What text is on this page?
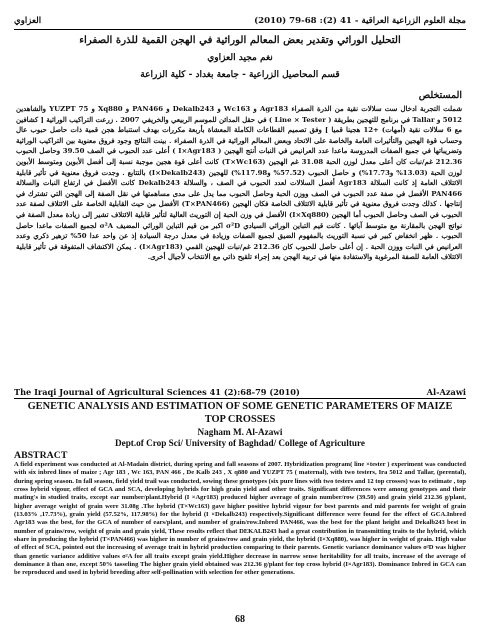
مجلة العلوم الزراعية العراقية - 41 (2): 68-79 (2010)
العزاوي
التحليل الوراثي وتقدير بعض المعالم الوراثية في الهجن القمية للذرة الصفراء
نغم مجيد العزاوي
قسم المحاصيل الزراعية - جامعة بغداد - كلية الزراعة
المستخلص
شملت التجربة ادخال ست سلالات نقية من الذرة الصفراء Agr183 و Wc163 و Dekalb243 و PAN466 و Xq880 و YUZPT 75 والشاهدين 5012 و Tallar في برنامج للتهجين بطريقة ( Line × Tester ) في حقل المدائن للموسم الربيعي والخريفي 2007 . زرعت التراكيب الوراثية [ كشافين مع 6 سلالات نقية (أمهات) +12 هجينا قميا ] وفق تصميم القطاعات الكاملة المعشاة بأربعة مكررات بهدف استنباط هجن قمية ذات حاصل حبوب عال وحساب قوة الهجين والتأثيرات العامة والخاصة على الاتحاد وبعض المعالم الوراثية في الذرة الصفراء . بينت النتائج وجود فروق معنوية بين التراكيب الوراثية وتضريباتها في جميع الصفات المدروسة ماعدا عدد العرانيص في النبات أنتج الهجين ( I×Agr183 ) أعلى عدد الحبوب في الصف 39.50 وحاصل الحبوب 212.36 غم/نبات كان أعلى معدل لوزن الحبة 31.08 غم الهجين (T×Wc163) كانت أعلى قوة هجين موجبة نسبة إلى أفضل الأبوين ومتوسط الأبوين لوزن الحبة (13.03% و17.73%) و حاصل الحبوب (57.52% و117.98%) للهجين (I×Dekalb243) بالتتابع . وجدت فروق معنوية في تأثير قابلية الائتلاف العامة إذ كانت السلالة Agr183 أفضل السلالات لعدد الحبوب في الصف ، والسلالة Dekalb243 كانت الأفضل في ارتفاع النبات والسلالة PAN466 الأفضل في صفة عدد الحبوب في الصف ووزن الحبة وحاصل الحبوب مما يدل على مدى مساهمتها في نقل الصفة إلى الهجن التي تشترك في إنتاجها . كذلك وجدت فروق معنوية في تأثير قابلية الائتلاف الخاصة فكان الهجين (T×PAN466) الأفضل من حيث القابلية الخاصة على الائتلاف لصفة عدد الحبوب في الصف وحاصل الحبوب أما الهجين (I×Xq880) الأفضل في وزن الحبة إن التوريث العالية لتأثير قابلية الائتلاف تشير إلى زيادة معدل الصفة في نواتج الهجن بالمقارنة مع متوسط آبائها . كانت قيم التباين الوراثي السيادي σ²D اكبر من قيم التباين الوراثي المضيف σ²A لجميع الصفات ماعدا حاصل الحبوب . ظهر انخفاض كبير في نسبة التوريث بالمفهوم الضيق لجميع الصفات وزيادة في معدل درجة السيادة إذ عن واحد عدا 50% تزهير ذكري وعدد العرانيص في النبات ووزن الحبة . إن أعلى حاصل للحبوب كان 212.36 غم/نبات للهجين القمي (I×Agr183) . يمكن الاكتشاف المتفوقة في تأثير قابلية الائتلاف العامة للصفة المرغوبة والاستفادة منها في تربية الهجن بعد إجراء تلقيح ذاتي مع الانتخاب لأجيال أخرى.
The Iraqi Journal of Agricultural Sciences 41 (2):68-79 (2010)	Al-Azawi
GENETIC ANALYSIS AND ESTIMATION OF SOME GENETIC PARAMETERS OF MAIZE TOP CROSSES
Nagham M. Al-Azawi
Dept.of Crop Sci/ University of Baghdad/ College of Agriculture
ABSTRACT
A field experiment was conducted at Al-Madain district, during spring and fall seasons of 2007. Hybridization program( line ×tester ) experiment was conducted with six inbred lines of maize ; Agr 183 , Wc 163, PAN 466 , De Kalb 243 , X q880 and YUZPT 75 ( maternal), with two testers, Ira 5012 and Tallar, (perental), during spring season. In fall season, field yield trail was conducted, sowing these genotypes (six pure lines with two testers and 12 top crosses) was to estimate , top cross hybrid vigour, effect of GCA and SCA, developing hybrids for high grain yield and other traits. Significant differences were among genotypes and their mating's in studied traits, except ear number/plant.Hybrid (I ×Agr183) produced higher average of grain number/row (39.50) and grain yield 212.36 g/plant, higher average weight of grain were 31.08g .The hybrid (T×Wc163) gave higher positive hybrid vigour for best parents and mid parents for weight of grain (13.03% ,17.73%), grain yield (57.52%, 117.98%) for the hybrid (I ×Dekalb243) respectively.Significant difference were found for the effect of GCA.Inbred Agr183 was the best, for the GCA of number of ears/plant, and number of grain/row.Inbred PAN466, was the best for the plant height and Dekalb243 best in number of grains/row, weight of grain and grain yield, These results reflect that DEKALB243 had a great contribution in transmitting traits to the hybrid, which share in producing the hybrid (T×PAN466) was higher in number of grains/row and grain yield, the hybrid (I×Xq880), was higher in weight of grain. High value of effect of SCA, pointed out the increasing of average trait in hybrid production comparing to their parents. Genetic variance dominance values σ²D was higher than genetic variance additive values σ²A for all traits except grain yield.Higher decrease in narrow sense heritability for all traits, increase of the average of dominance ā than one, except 50% tasseling The higher grain yield obtained was 212.36 g/plant for top cross hybrid (I×Agr183). Dominance Inbred in GCA can be reproduced and used in hybrid breeding after self-pollination with selection for other generations.
68
